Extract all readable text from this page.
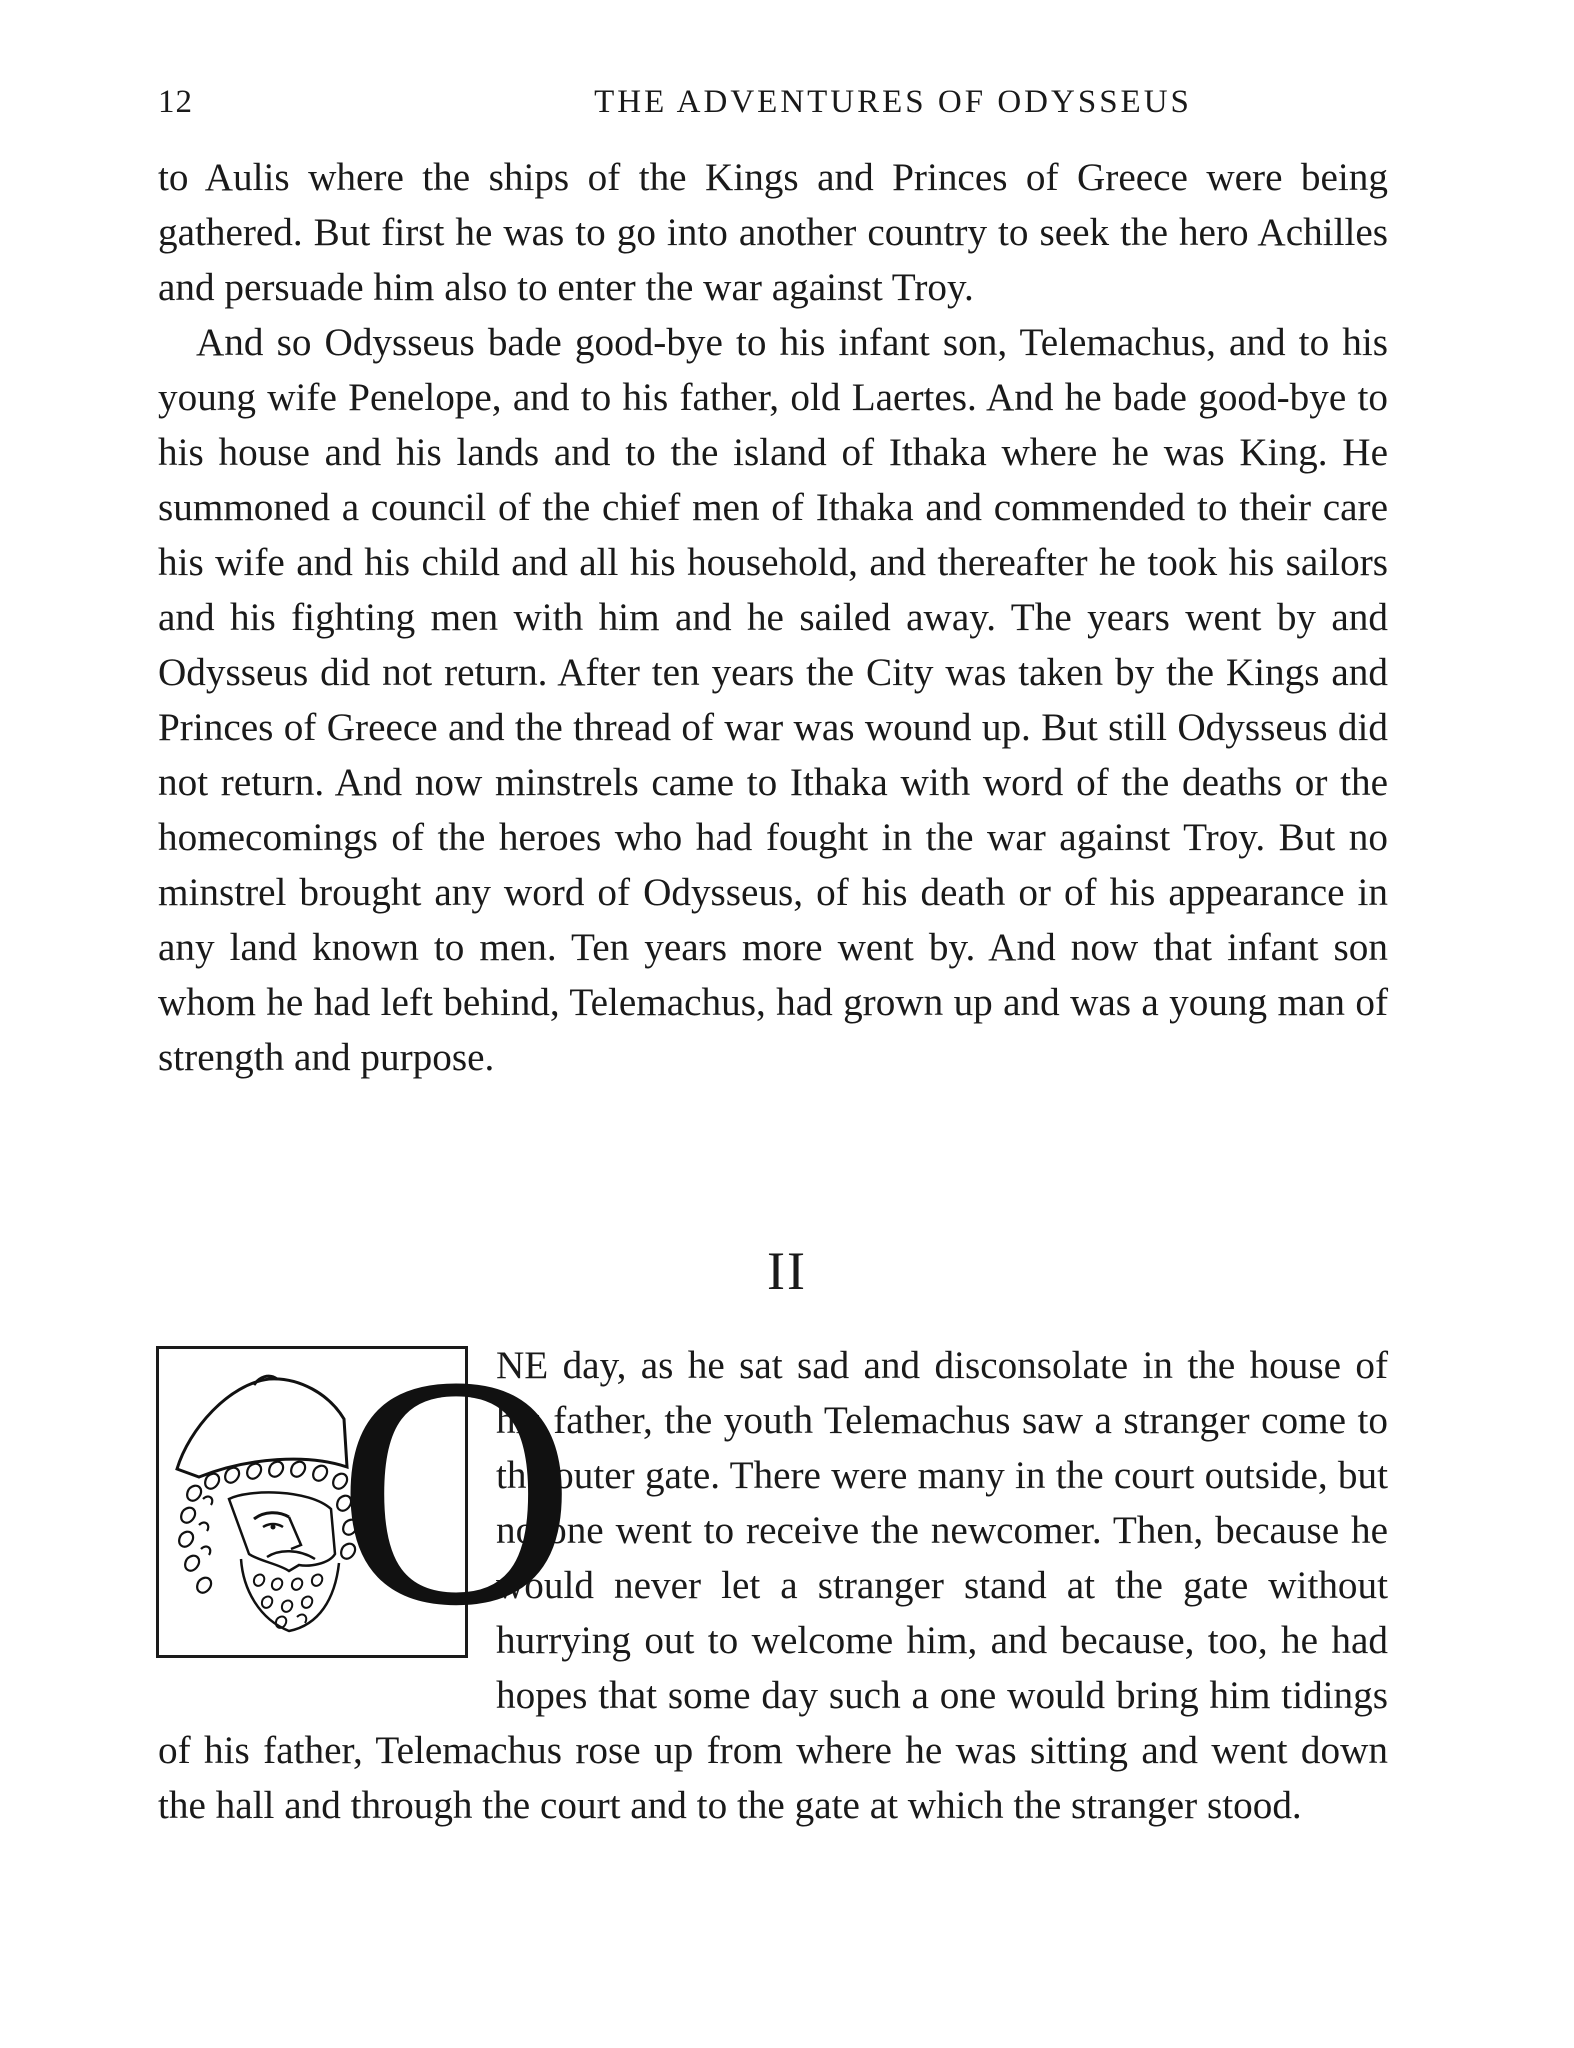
12	THE ADVENTURES OF ODYSSEUS

to Aulis where the ships of the Kings and Princes of Greece were being gathered. But first he was to go into another country to seek the hero Achilles and persuade him also to enter the war against Troy.

And so Odysseus bade good-bye to his infant son, Telemachus, and to his young wife Penelope, and to his father, old Laertes. And he bade good-bye to his house and his lands and to the island of Ithaka where he was King. He summoned a council of the chief men of Ithaka and commended to their care his wife and his child and all his household, and thereafter he took his sailors and his fighting men with him and he sailed away. The years went by and Odysseus did not return. After ten years the City was taken by the Kings and Princes of Greece and the thread of war was wound up. But still Odysseus did not return. And now minstrels came to Ithaka with word of the deaths or the homecomings of the heroes who had fought in the war against Troy. But no minstrel brought any word of Odysseus, of his death or of his appearance in any land known to men. Ten years more went by. And now that infant son whom he had left behind, Telemachus, had grown up and was a young man of strength and purpose.

II
O

NE day, as he sat sad and disconsolate in the house of his father, the youth Telemachus saw a stranger come to the outer gate. There were many in the court outside, but no one went to receive the newcomer. Then, because he would never let a stranger stand at the gate without hurrying out to welcome him, and because, too, he had hopes that some day such a one would bring him tidings of his father, Telemachus rose up from where he was sitting and went down the hall and through the court and to the gate at which the stranger stood.
